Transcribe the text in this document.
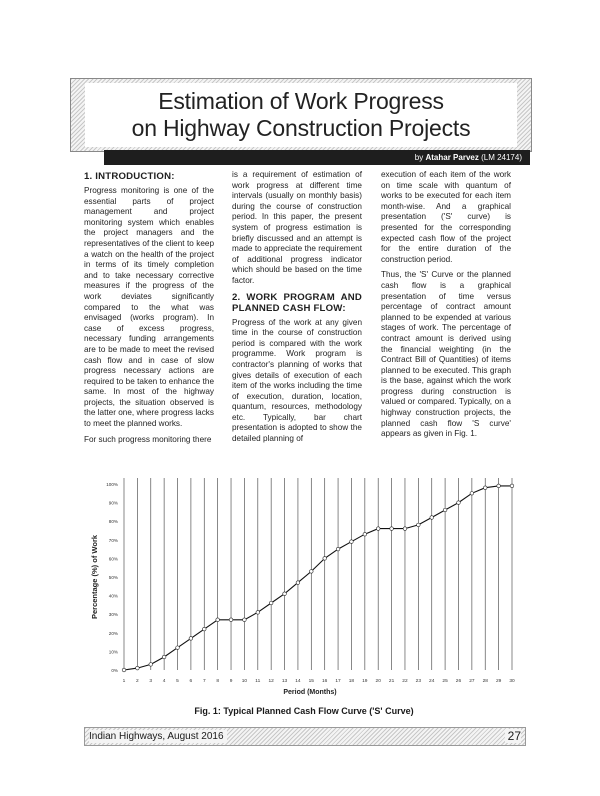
Estimation of Work Progress
on Highway Construction Projects
by Atahar Parvez (LM 24174)
1. INTRODUCTION:

Progress monitoring is one of the essential parts of project management and project monitoring system which enables the project managers and the representatives of the client to keep a watch on the health of the project in terms of its timely completion and to take necessary corrective measures if the progress of the work deviates significantly compared to the what was envisaged (works program). In case of excess progress, necessary funding arrangements are to be made to meet the revised cash flow and in case of slow progress necessary actions are required to be taken to enhance the same. In most of the highway projects, the situation observed is the latter one, where progress lacks to meet the planned works.

For such progress monitoring there

is a requirement of estimation of work progress at different time intervals (usually on monthly basis) during the course of construction period. In this paper, the present system of progress estimation is briefly discussed and an attempt is made to appreciate the requirement of additional progress indicator which should be based on the time factor.

2. WORK PROGRAM AND PLANNED CASH FLOW:

Progress of the work at any given time in the course of construction period is compared with the work programme. Work program is contractor's planning of works that gives details of execution of each item of the works including the time of execution, duration, location, quantum, resources, methodology etc. Typically, bar chart presentation is adopted to show the detailed planning of

execution of each item of the work on time scale with quantum of works to be executed for each item month-wise. And a graphical presentation ('S' curve) is presented for the corresponding expected cash flow of the project for the entire duration of the construction period.

Thus, the 'S' Curve or the planned cash flow is a graphical presentation of time versus percentage of contract amount planned to be expended at various stages of work. The percentage of contract amount is derived using the financial weighting (in the Contract Bill of Quantities) of items planned to be executed. This graph is the base, against which the work progress during construction is valued or compared. Typically, on a highway construction projects, the planned cash flow 'S curve' appears as given in Fig. 1.

0%
10%
20%
30%
40%
50%
60%
70%
80%
90%
100%
1 2 3 4 5 6 7 8 9 10 11 12 13 14 15 16 17 18 19 20 21 22 23 24 25 26 27 28 29 30
Period (Months)
Percentage (%) of Work
Fig. 1: Typical Planned Cash Flow Curve ('S' Curve)
Indian Highways, August 2016	27
